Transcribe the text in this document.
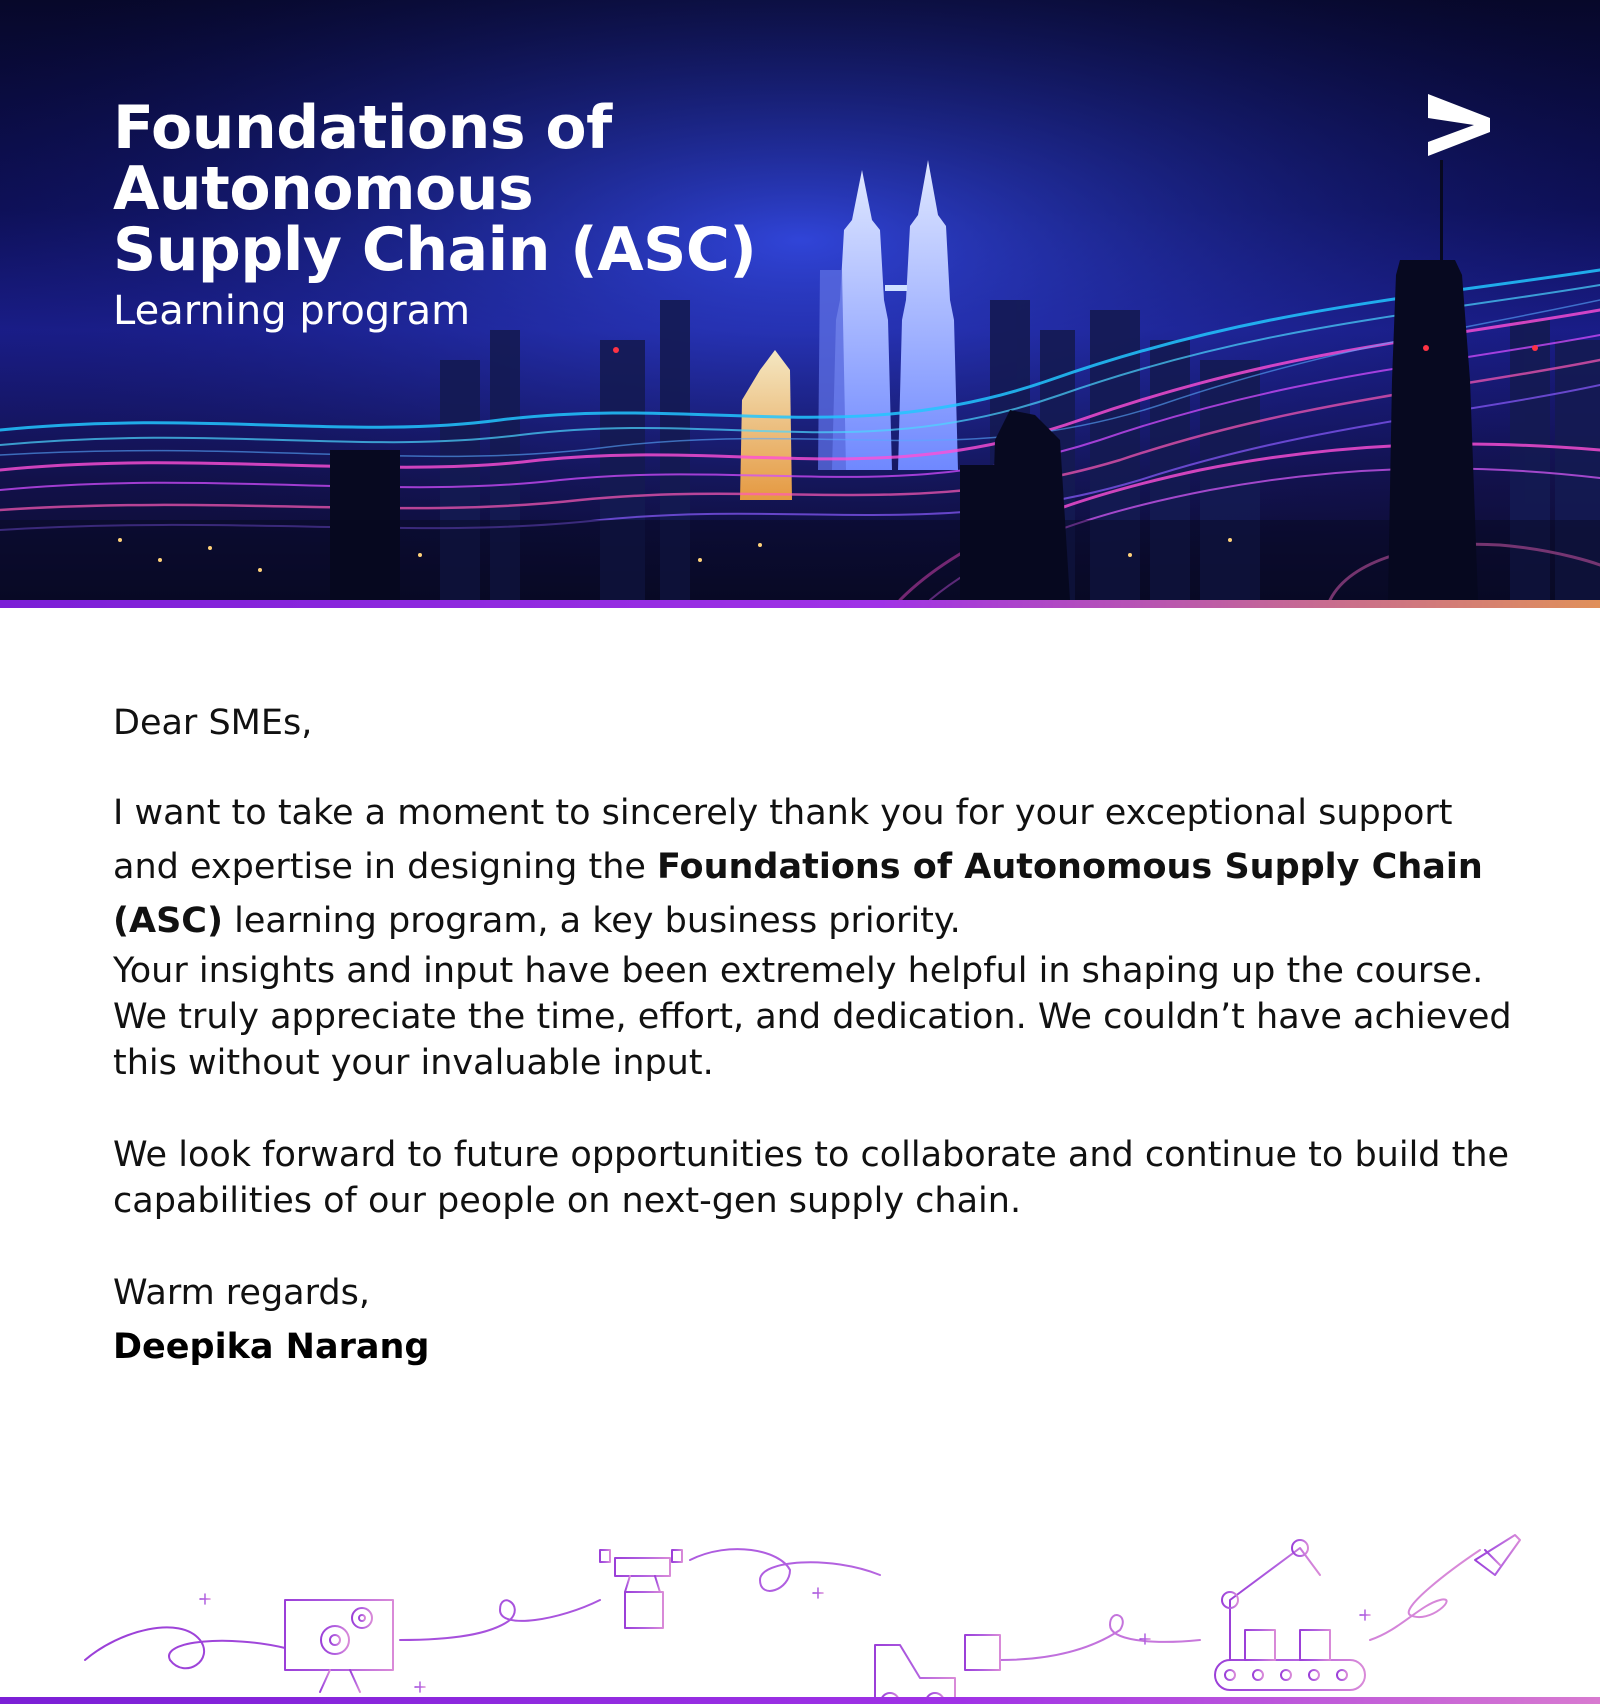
Foundations of
Autonomous
Supply Chain (ASC)
Learning program

Dear SMEs,

I want to take a moment to sincerely thank you for your exceptional support and expertise in designing the Foundations of Autonomous Supply Chain (ASC) learning program, a key business priority.

Your insights and input have been extremely helpful in shaping up the course. We truly appreciate the time, effort, and dedication. We couldn’t have achieved this without your invaluable input.

We look forward to future opportunities to collaborate and continue to build the capabilities of our people on next-gen supply chain.

Warm regards,

Deepika Narang
